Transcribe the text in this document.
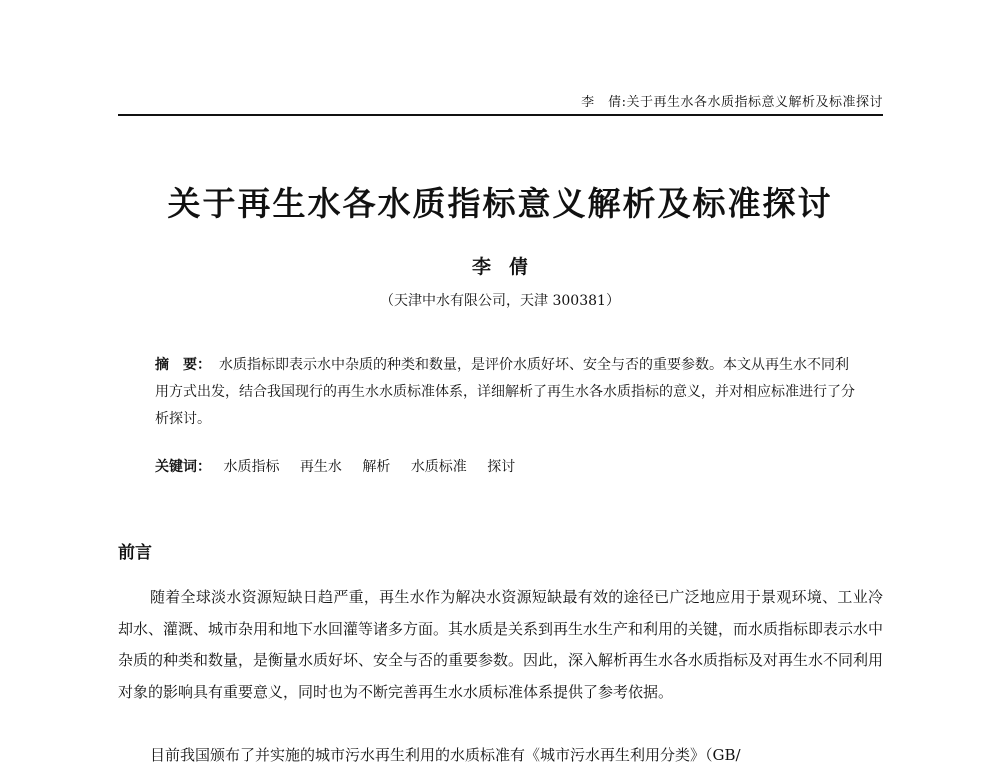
李　倩:关于再生水各水质指标意义解析及标准探讨
关于再生水各水质指标意义解析及标准探讨
李倩
（天津中水有限公司，天津 300381）
摘　要： 水质指标即表示水中杂质的种类和数量，是评价水质好坏、安全与否的重要参数。本文从再生水不同利用方式出发，结合我国现行的再生水水质标准体系，详细解析了再生水各水质指标的意义，并对相应标准进行了分析探讨。
关键词： 水质指标 再生水 解析 水质标准 探讨
前言
随着全球淡水资源短缺日趋严重，再生水作为解决水资源短缺最有效的途径已广泛地应用于景观环境、工业冷却水、灌溉、城市杂用和地下水回灌等诸多方面。其水质是关系到再生水生产和利用的关键，而水质指标即表示水中杂质的种类和数量，是衡量水质好坏、安全与否的重要参数。因此，深入解析再生水各水质指标及对再生水不同利用对象的影响具有重要意义，同时也为不断完善再生水水质标准体系提供了参考依据。
目前我国颁布了并实施的城市污水再生利用的水质标准有《城市污水再生利用分类》（GB/
